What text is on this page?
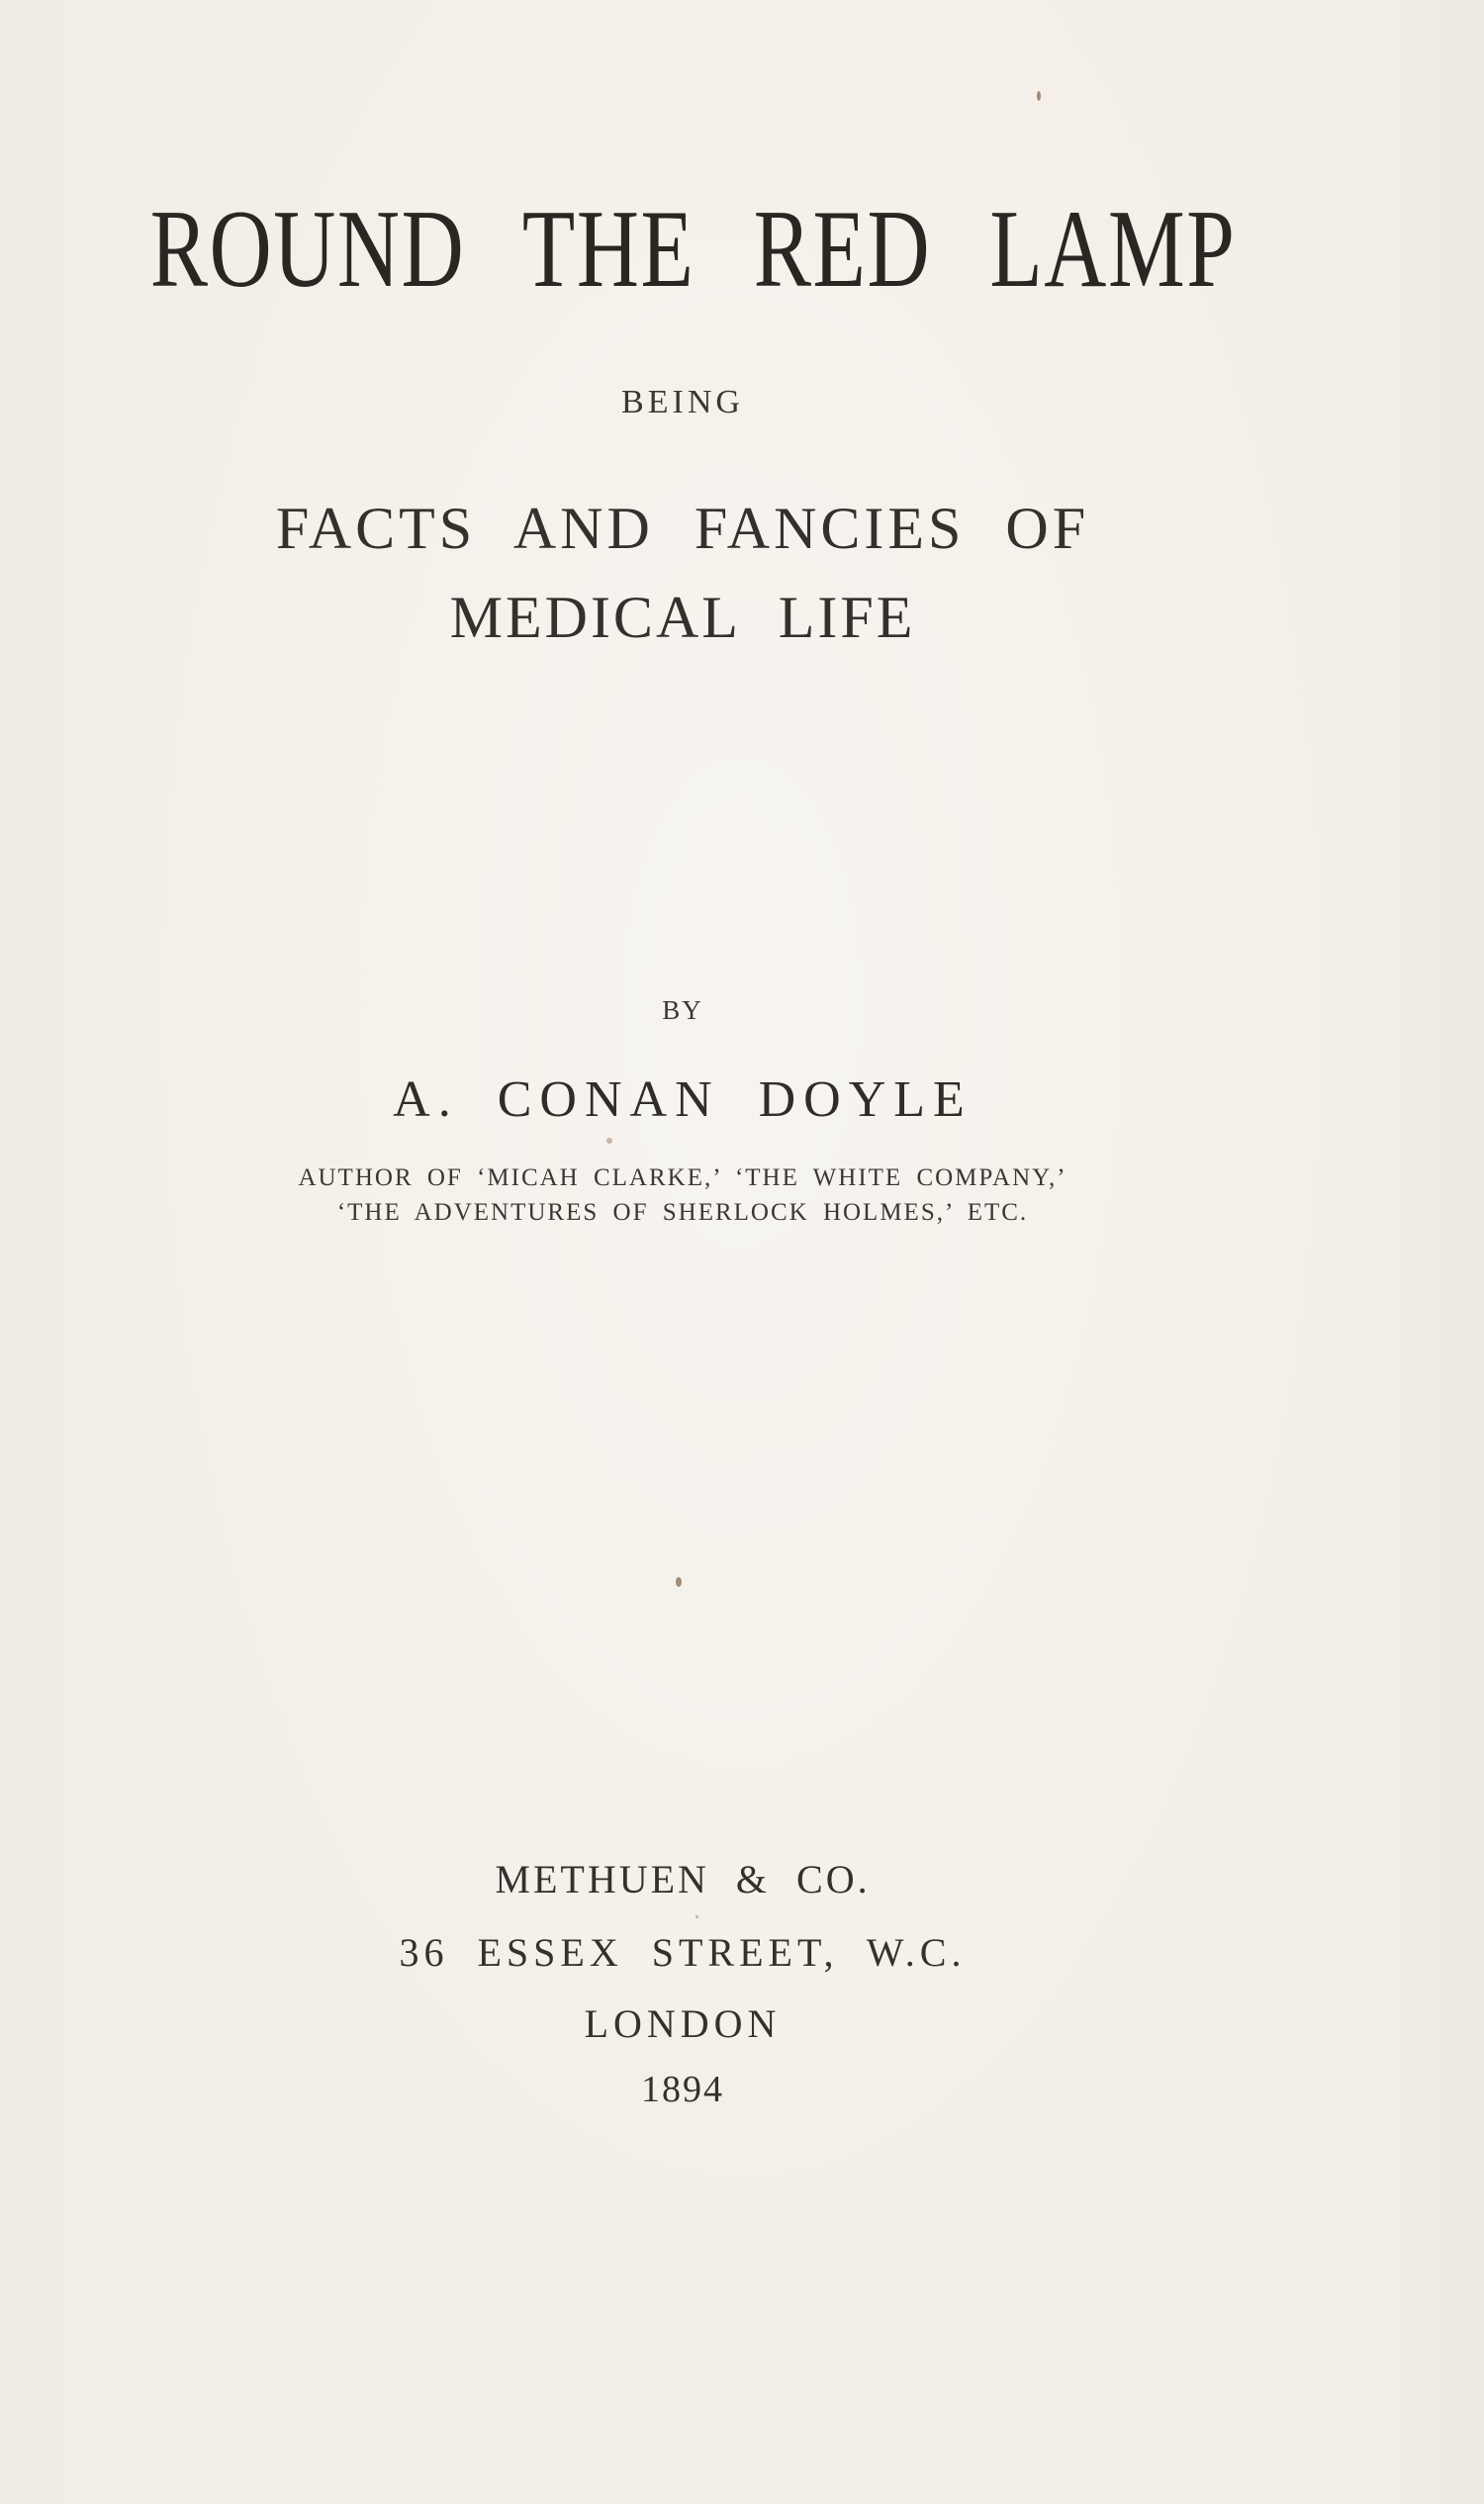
ROUND THE RED LAMP
BEING
FACTS AND FANCIES OF
MEDICAL LIFE
BY
A. CONAN DOYLE
AUTHOR OF ‘MICAH CLARKE,’ ‘THE WHITE COMPANY,’
‘THE ADVENTURES OF SHERLOCK HOLMES,’ ETC.
METHUEN & CO.
36 ESSEX STREET, W.C.
LONDON
1894
